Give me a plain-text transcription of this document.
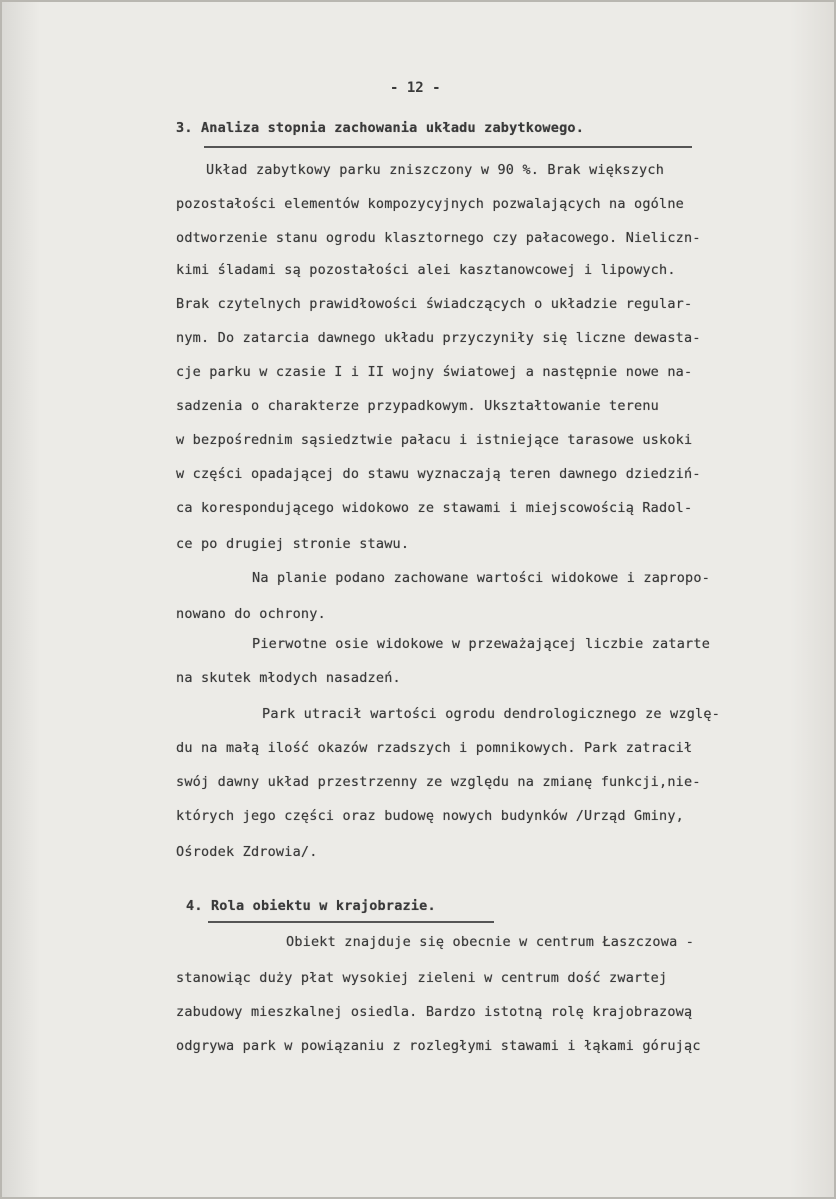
- 12 -
3. Analiza stopnia zachowania układu zabytkowego.
Układ zabytkowy parku zniszczony w 90 %. Brak większych
pozostałości elementów kompozycyjnych pozwalających na ogólne
odtworzenie stanu ogrodu klasztornego czy pałacowego. Nieliczn-
kimi śladami są pozostałości alei kasztanowcowej i lipowych.
Brak czytelnych prawidłowości świadczących o układzie regular-
nym. Do zatarcia dawnego układu przyczyniły się liczne dewasta-
cje parku w czasie I i II wojny światowej a następnie nowe na-
sadzenia o charakterze przypadkowym. Ukształtowanie terenu
w bezpośrednim sąsiedztwie pałacu i istniejące tarasowe uskoki
w części opadającej do stawu wyznaczają teren dawnego dziedziń-
ca korespondującego widokowo ze stawami i miejscowością Radol-
ce po drugiej stronie stawu.
Na planie podano zachowane wartości widokowe i zapropo-
nowano do ochrony.
Pierwotne osie widokowe w przeważającej liczbie zatarte
na skutek młodych nasadzeń.
Park utracił wartości ogrodu dendrologicznego ze wzglę-
du na małą ilość okazów rzadszych i pomnikowych. Park zatracił
swój dawny układ przestrzenny ze względu na zmianę funkcji,nie-
których jego części oraz budowę nowych budynków /Urząd Gminy,
Ośrodek Zdrowia/.
4. Rola obiektu w krajobrazie.
Obiekt znajduje się obecnie w centrum Łaszczowa -
stanowiąc duży płat wysokiej zieleni w centrum dość zwartej
zabudowy mieszkalnej osiedla. Bardzo istotną rolę krajobrazową
odgrywa park w powiązaniu z rozległymi stawami i łąkami górując
